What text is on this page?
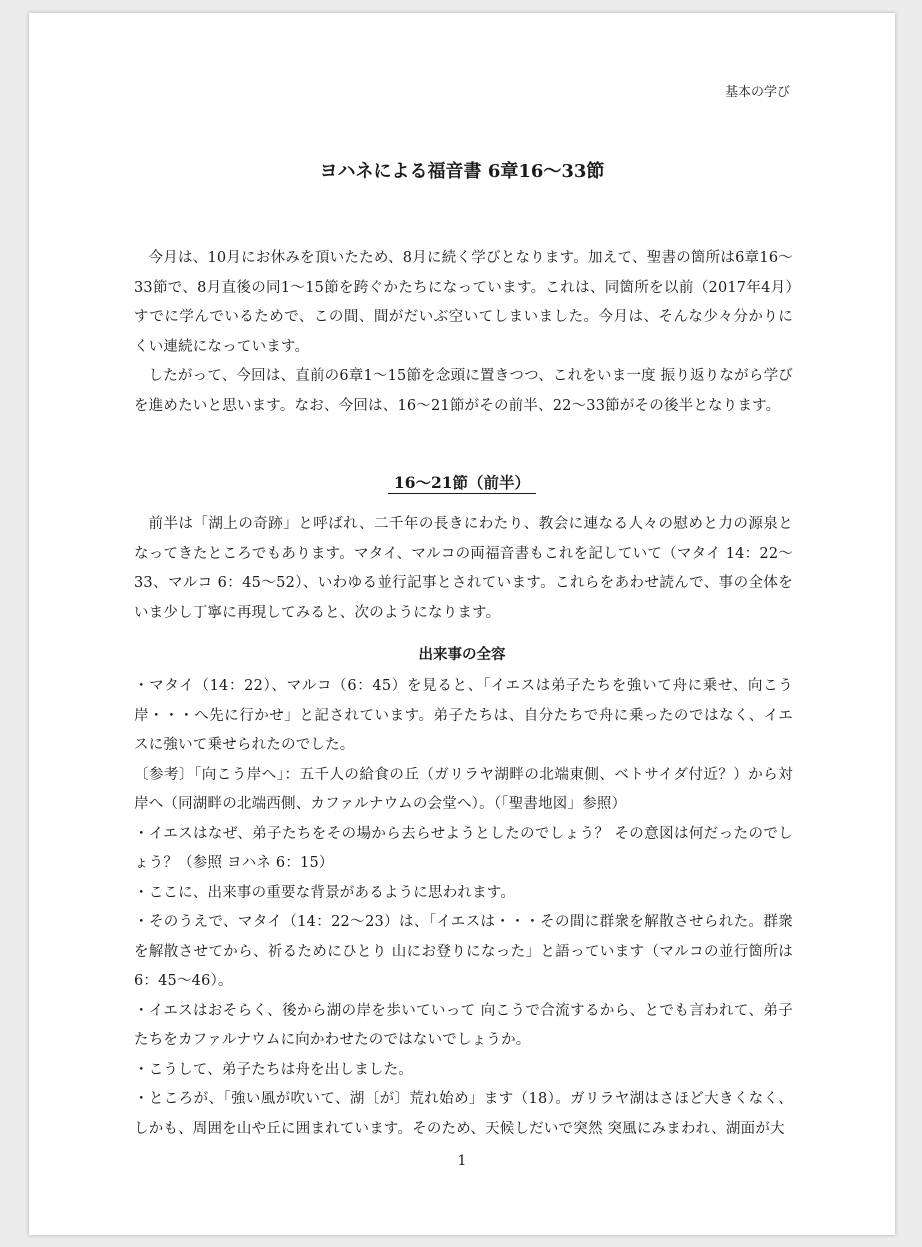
基本の学び
ヨハネによる福音書 6章16〜33節

今月は、10月にお休みを頂いたため、8月に続く学びとなります。加えて、聖書の箇所は6章16〜33節で、8月直後の同1〜15節を跨ぐかたちになっています。これは、同箇所を以前（2017年4月）すでに学んでいるためで、この間、間がだいぶ空いてしまいました。今月は、そんな少々分かりにくい連続になっています。

したがって、今回は、直前の6章1〜15節を念頭に置きつつ、これをいま一度 振り返りながら学びを進めたいと思います。なお、今回は、16〜21節がその前半、22〜33節がその後半となります。

16〜21節（前半）

前半は「湖上の奇跡」と呼ばれ、二千年の長きにわたり、教会に連なる人々の慰めと力の源泉となってきたところでもあります。マタイ、マルコの両福音書もこれを記していて（マタイ 14：22〜33、マルコ 6：45〜52）、いわゆる並行記事とされています。これらをあわせ読んで、事の全体をいま少し丁寧に再現してみると、次のようになります。

出来事の全容

・マタイ（14：22）、マルコ（6：45）を見ると、「イエスは弟子たちを強いて舟に乗せ、向こう岸・・・へ先に行かせ」と記されています。弟子たちは、自分たちで舟に乗ったのではなく、イエスに強いて乗せられたのでした。

〔参考〕「向こう岸へ」：五千人の給食の丘（ガリラヤ湖畔の北端東側、ベトサイダ付近？）から対岸へ（同湖畔の北端西側、カファルナウムの会堂へ）。（「聖書地図」参照）

・イエスはなぜ、弟子たちをその場から去らせようとしたのでしょう？ その意図は何だったのでしょう？（参照 ヨハネ 6：15）

・ここに、出来事の重要な背景があるように思われます。

・そのうえで、マタイ（14：22〜23）は、「イエスは・・・その間に群衆を解散させられた。群衆を解散させてから、祈るためにひとり 山にお登りになった」と語っています（マルコの並行箇所は6：45〜46）。

・イエスはおそらく、後から湖の岸を歩いていって 向こうで合流するから、とでも言われて、弟子たちをカファルナウムに向かわせたのではないでしょうか。

・こうして、弟子たちは舟を出しました。

・ところが、「強い風が吹いて、湖〔が〕荒れ始め」ます（18）。ガリラヤ湖はさほど大きくなく、しかも、周囲を山や丘に囲まれています。そのため、天候しだいで突然 突風にみまわれ、湖面が大

1
